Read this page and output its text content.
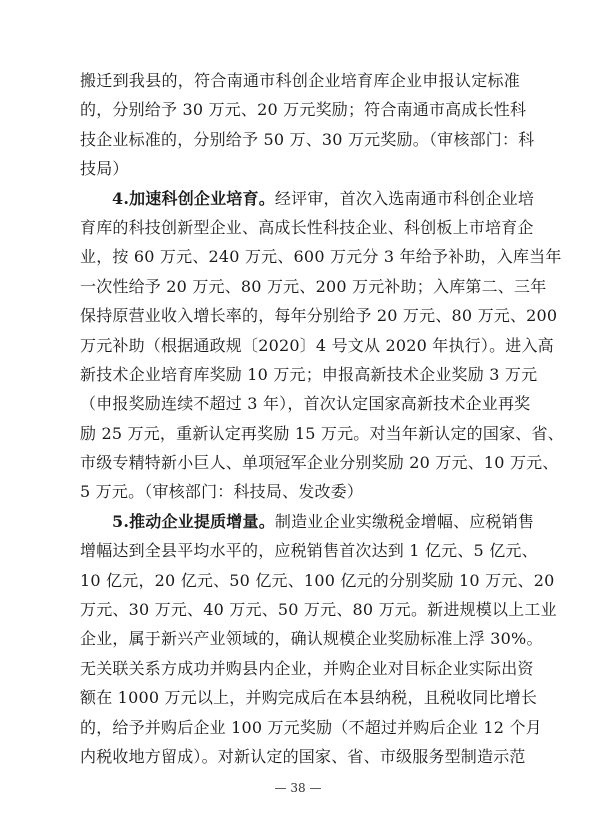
搬迁到我县的，符合南通市科创企业培育库企业申报认定标准
的，分别给予 30 万元、20 万元奖励；符合南通市高成长性科
技企业标准的，分别给予 50 万、30 万元奖励。（审核部门：科
技局）
4.加速科创企业培育。经评审，首次入选南通市科创企业培
育库的科技创新型企业、高成长性科技企业、科创板上市培育企
业，按 60 万元、240 万元、600 万元分 3 年给予补助，入库当年
一次性给予 20 万元、80 万元、200 万元补助；入库第二、三年
保持原营业收入增长率的，每年分别给予 20 万元、80 万元、200
万元补助（根据通政规〔2020〕4 号文从 2020 年执行）。进入高
新技术企业培育库奖励 10 万元；申报高新技术企业奖励 3 万元
（申报奖励连续不超过 3 年），首次认定国家高新技术企业再奖
励 25 万元，重新认定再奖励 15 万元。对当年新认定的国家、省、
市级专精特新小巨人、单项冠军企业分别奖励 20 万元、10 万元、
5 万元。（审核部门：科技局、发改委）
5.推动企业提质增量。制造业企业实缴税金增幅、应税销售
增幅达到全县平均水平的，应税销售首次达到 1 亿元、5 亿元、
10 亿元，20 亿元、50 亿元、100 亿元的分别奖励 10 万元、20
万元、30 万元、40 万元、50 万元、80 万元。新进规模以上工业
企业，属于新兴产业领域的，确认规模企业奖励标准上浮 30%。
无关联关系方成功并购县内企业，并购企业对目标企业实际出资
额在 1000 万元以上，并购完成后在本县纳税，且税收同比增长
的，给予并购后企业 100 万元奖励（不超过并购后企业 12 个月
内税收地方留成）。对新认定的国家、省、市级服务型制造示范
— 38 —
